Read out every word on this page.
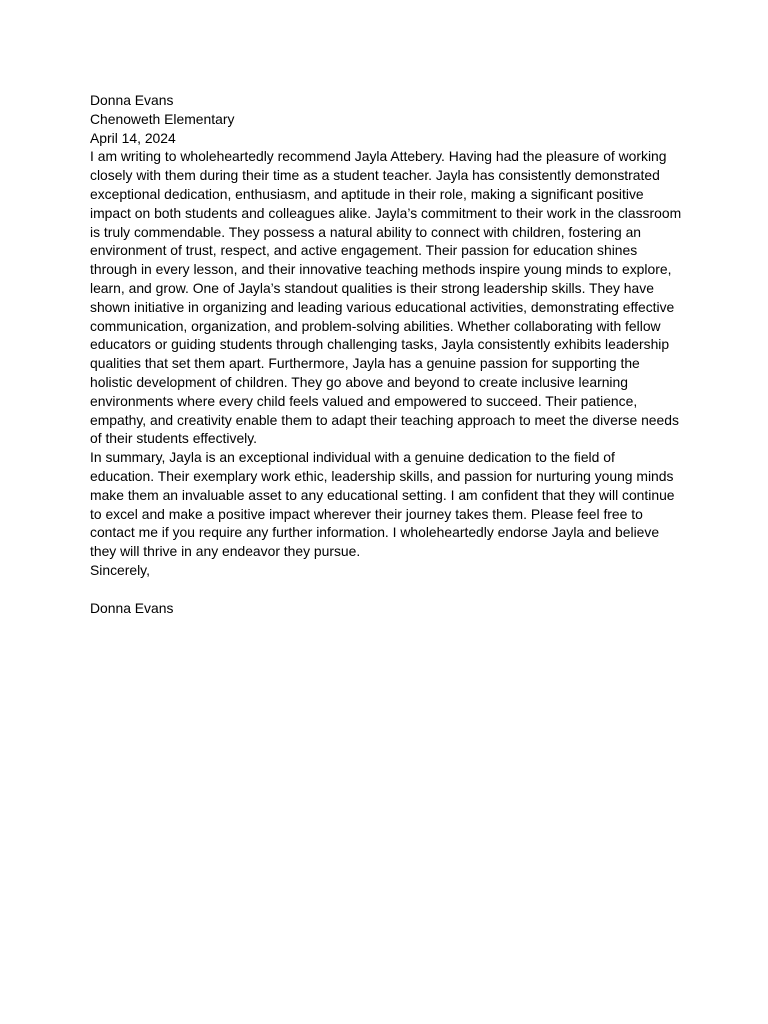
Donna Evans
Chenoweth Elementary
April 14, 2024
I am writing to wholeheartedly recommend Jayla Attebery. Having had the pleasure of working
closely with them during their time as a student teacher. Jayla has consistently demonstrated
exceptional dedication, enthusiasm, and aptitude in their role, making a significant positive
impact on both students and colleagues alike. Jayla’s commitment to their work in the classroom
is truly commendable. They possess a natural ability to connect with children, fostering an
environment of trust, respect, and active engagement. Their passion for education shines
through in every lesson, and their innovative teaching methods inspire young minds to explore,
learn, and grow. One of Jayla’s standout qualities is their strong leadership skills. They have
shown initiative in organizing and leading various educational activities, demonstrating effective
communication, organization, and problem-solving abilities. Whether collaborating with fellow
educators or guiding students through challenging tasks, Jayla consistently exhibits leadership
qualities that set them apart. Furthermore, Jayla has a genuine passion for supporting the
holistic development of children. They go above and beyond to create inclusive learning
environments where every child feels valued and empowered to succeed. Their patience,
empathy, and creativity enable them to adapt their teaching approach to meet the diverse needs
of their students effectively.
In summary, Jayla is an exceptional individual with a genuine dedication to the field of
education. Their exemplary work ethic, leadership skills, and passion for nurturing young minds
make them an invaluable asset to any educational setting. I am confident that they will continue
to excel and make a positive impact wherever their journey takes them. Please feel free to
contact me if you require any further information. I wholeheartedly endorse Jayla and believe
they will thrive in any endeavor they pursue.
Sincerely,
Donna Evans
